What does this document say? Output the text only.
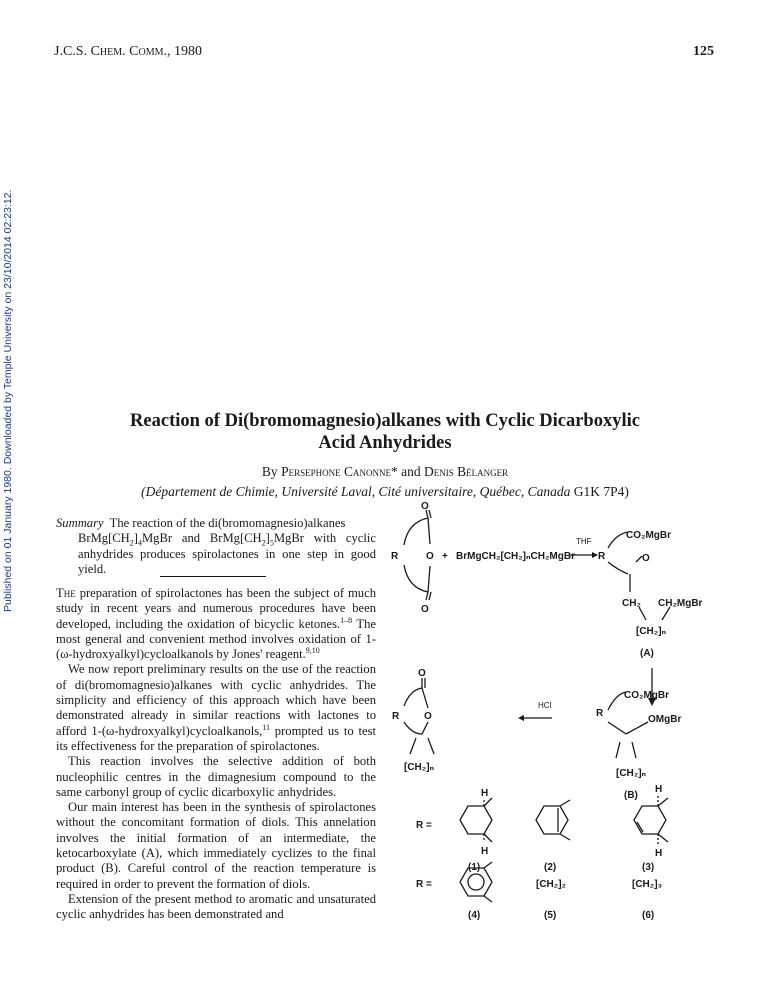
J.C.S. Chem. Comm., 1980	125
Published on 01 January 1980. Downloaded by Temple University on 23/10/2014 02:23:12.	Reaction of Di(bromomagnesio)alkanes with Cyclic Dicarboxylic
Acid Anhydrides
By Persephone Canonne* and Denis Bélanger
(Département de Chimie, Université Laval, Cité universitaire, Québec, Canada G1K 7P4)
Summary The reaction of the di(bromomagnesio)alkanes
$BrMg[CH_2]_4MgBr$ and $BrMg[CH_2]_5MgBr$ with cyclic anhydrides produces spirolactones in one step in good yield.

The preparation of spirolactones has been the subject of much study in recent years and numerous procedures have been developed, including the oxidation of bicyclic ketones.$^{1-8}$ The most general and convenient method involves oxidation of 1-(ω-hydroxyalkyl)cycloalkanols by Jones' reagent.$^{9,10}$

We now report preliminary results on the use of the reaction of di(bromomagnesio)alkanes with cyclic anhydrides. The simplicity and efficiency of this approach which have been demonstrated already in similar reactions with lactones to afford 1-(ω-hydroxyalkyl)cycloalkanols,$^{11}$ prompted us to test its effectiveness for the preparation of spirolactones.

This reaction involves the selective addition of both nucleophilic centres in the dimagnesium compound to the same carbonyl group of cyclic dicarboxylic anhydrides.

Our main interest has been in the synthesis of spirolactones without the concomitant formation of diols. This annelation involves the initial formation of an intermediate, the ketocarboxylate (A), which immediately cyclizes to the final product (B). Careful control of the reaction temperature is required in order to prevent the formation of diols.

Extension of the present method to aromatic and unsaturated cyclic anhydrides has been demonstrated and

R	O
O
O
+ BrMgCH₂[CH₂]ₙCH₂MgBr
THF
R
CO₂MgBr
O
CH₂ CH₂MgBr
[CH₂]ₙ
(A)
R
CO₂MgBr
OMgBr
[CH₂]ₙ
(B)
HCl
R
O
O
[CH₂]ₙ
R =
H
H
(1)	(2)
H
H
(3)
R =
(4)
[CH₂]₂
(5)
[CH₂]₃
(6)
